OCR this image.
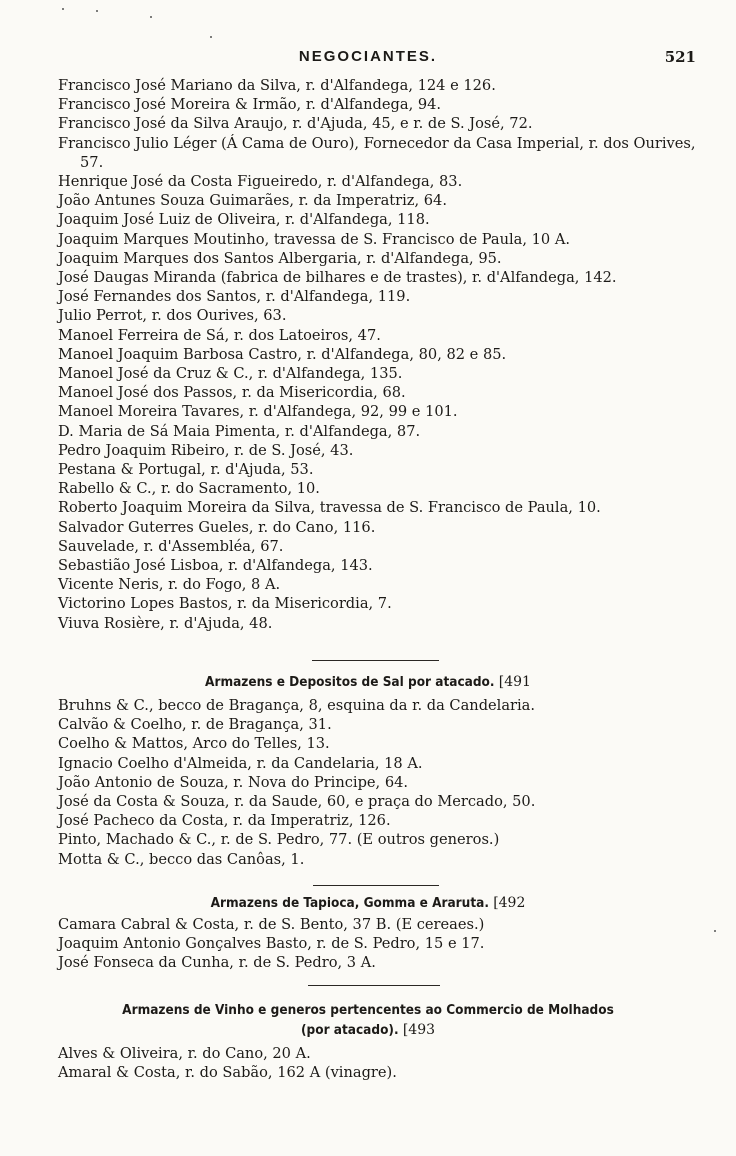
NEGOCIANTES.	521
Francisco José Mariano da Silva, r. d'Alfandega, 124 e 126.
Francisco José Moreira & Irmão, r. d'Alfandega, 94.
Francisco José da Silva Araujo, r. d'Ajuda, 45, e r. de S. José, 72.
Francisco Julio Léger (Á Cama de Ouro), Fornecedor da Casa Imperial, r. dos Ourives, 57.
Henrique José da Costa Figueiredo, r. d'Alfandega, 83.
João Antunes Souza Guimarães, r. da Imperatriz, 64.
Joaquim José Luiz de Oliveira, r. d'Alfandega, 118.
Joaquim Marques Moutinho, travessa de S. Francisco de Paula, 10 A.
Joaquim Marques dos Santos Albergaria, r. d'Alfandega, 95.
José Daugas Miranda (fabrica de bilhares e de trastes), r. d'Alfandega, 142.
José Fernandes dos Santos, r. d'Alfandega, 119.
Julio Perrot, r. dos Ourives, 63.
Manoel Ferreira de Sá, r. dos Latoeiros, 47.
Manoel Joaquim Barbosa Castro, r. d'Alfandega, 80, 82 e 85.
Manoel José da Cruz & C., r. d'Alfandega, 135.
Manoel José dos Passos, r. da Misericordia, 68.
Manoel Moreira Tavares, r. d'Alfandega, 92, 99 e 101.
D. Maria de Sá Maia Pimenta, r. d'Alfandega, 87.
Pedro Joaquim Ribeiro, r. de S. José, 43.
Pestana & Portugal, r. d'Ajuda, 53.
Rabello & C., r. do Sacramento, 10.
Roberto Joaquim Moreira da Silva, travessa de S. Francisco de Paula, 10.
Salvador Guterres Gueles, r. do Cano, 116.
Sauvelade, r. d'Assembléa, 67.
Sebastião José Lisboa, r. d'Alfandega, 143.
Vicente Neris, r. do Fogo, 8 A.
Victorino Lopes Bastos, r. da Misericordia, 7.
Viuva Rosière, r. d'Ajuda, 48.
Armazens e Depositos de Sal por atacado. [491
Bruhns & C., becco de Bragança, 8, esquina da r. da Candelaria.
Calvão & Coelho, r. de Bragança, 31.
Coelho & Mattos, Arco do Telles, 13.
Ignacio Coelho d'Almeida, r. da Candelaria, 18 A.
João Antonio de Souza, r. Nova do Principe, 64.
José da Costa & Souza, r. da Saude, 60, e praça do Mercado, 50.
José Pacheco da Costa, r. da Imperatriz, 126.
Pinto, Machado & C., r. de S. Pedro, 77. (E outros generos.)
Motta & C., becco das Canôas, 1.
Armazens de Tapioca, Gomma e Araruta. [492
Camara Cabral & Costa, r. de S. Bento, 37 B. (E cereaes.)
Joaquim Antonio Gonçalves Basto, r. de S. Pedro, 15 e 17.
José Fonseca da Cunha, r. de S. Pedro, 3 A.
Armazens de Vinho e generos pertencentes ao Commercio de Molhados
(por atacado). [493
Alves & Oliveira, r. do Cano, 20 A.
Amaral & Costa, r. do Sabão, 162 A (vinagre).
